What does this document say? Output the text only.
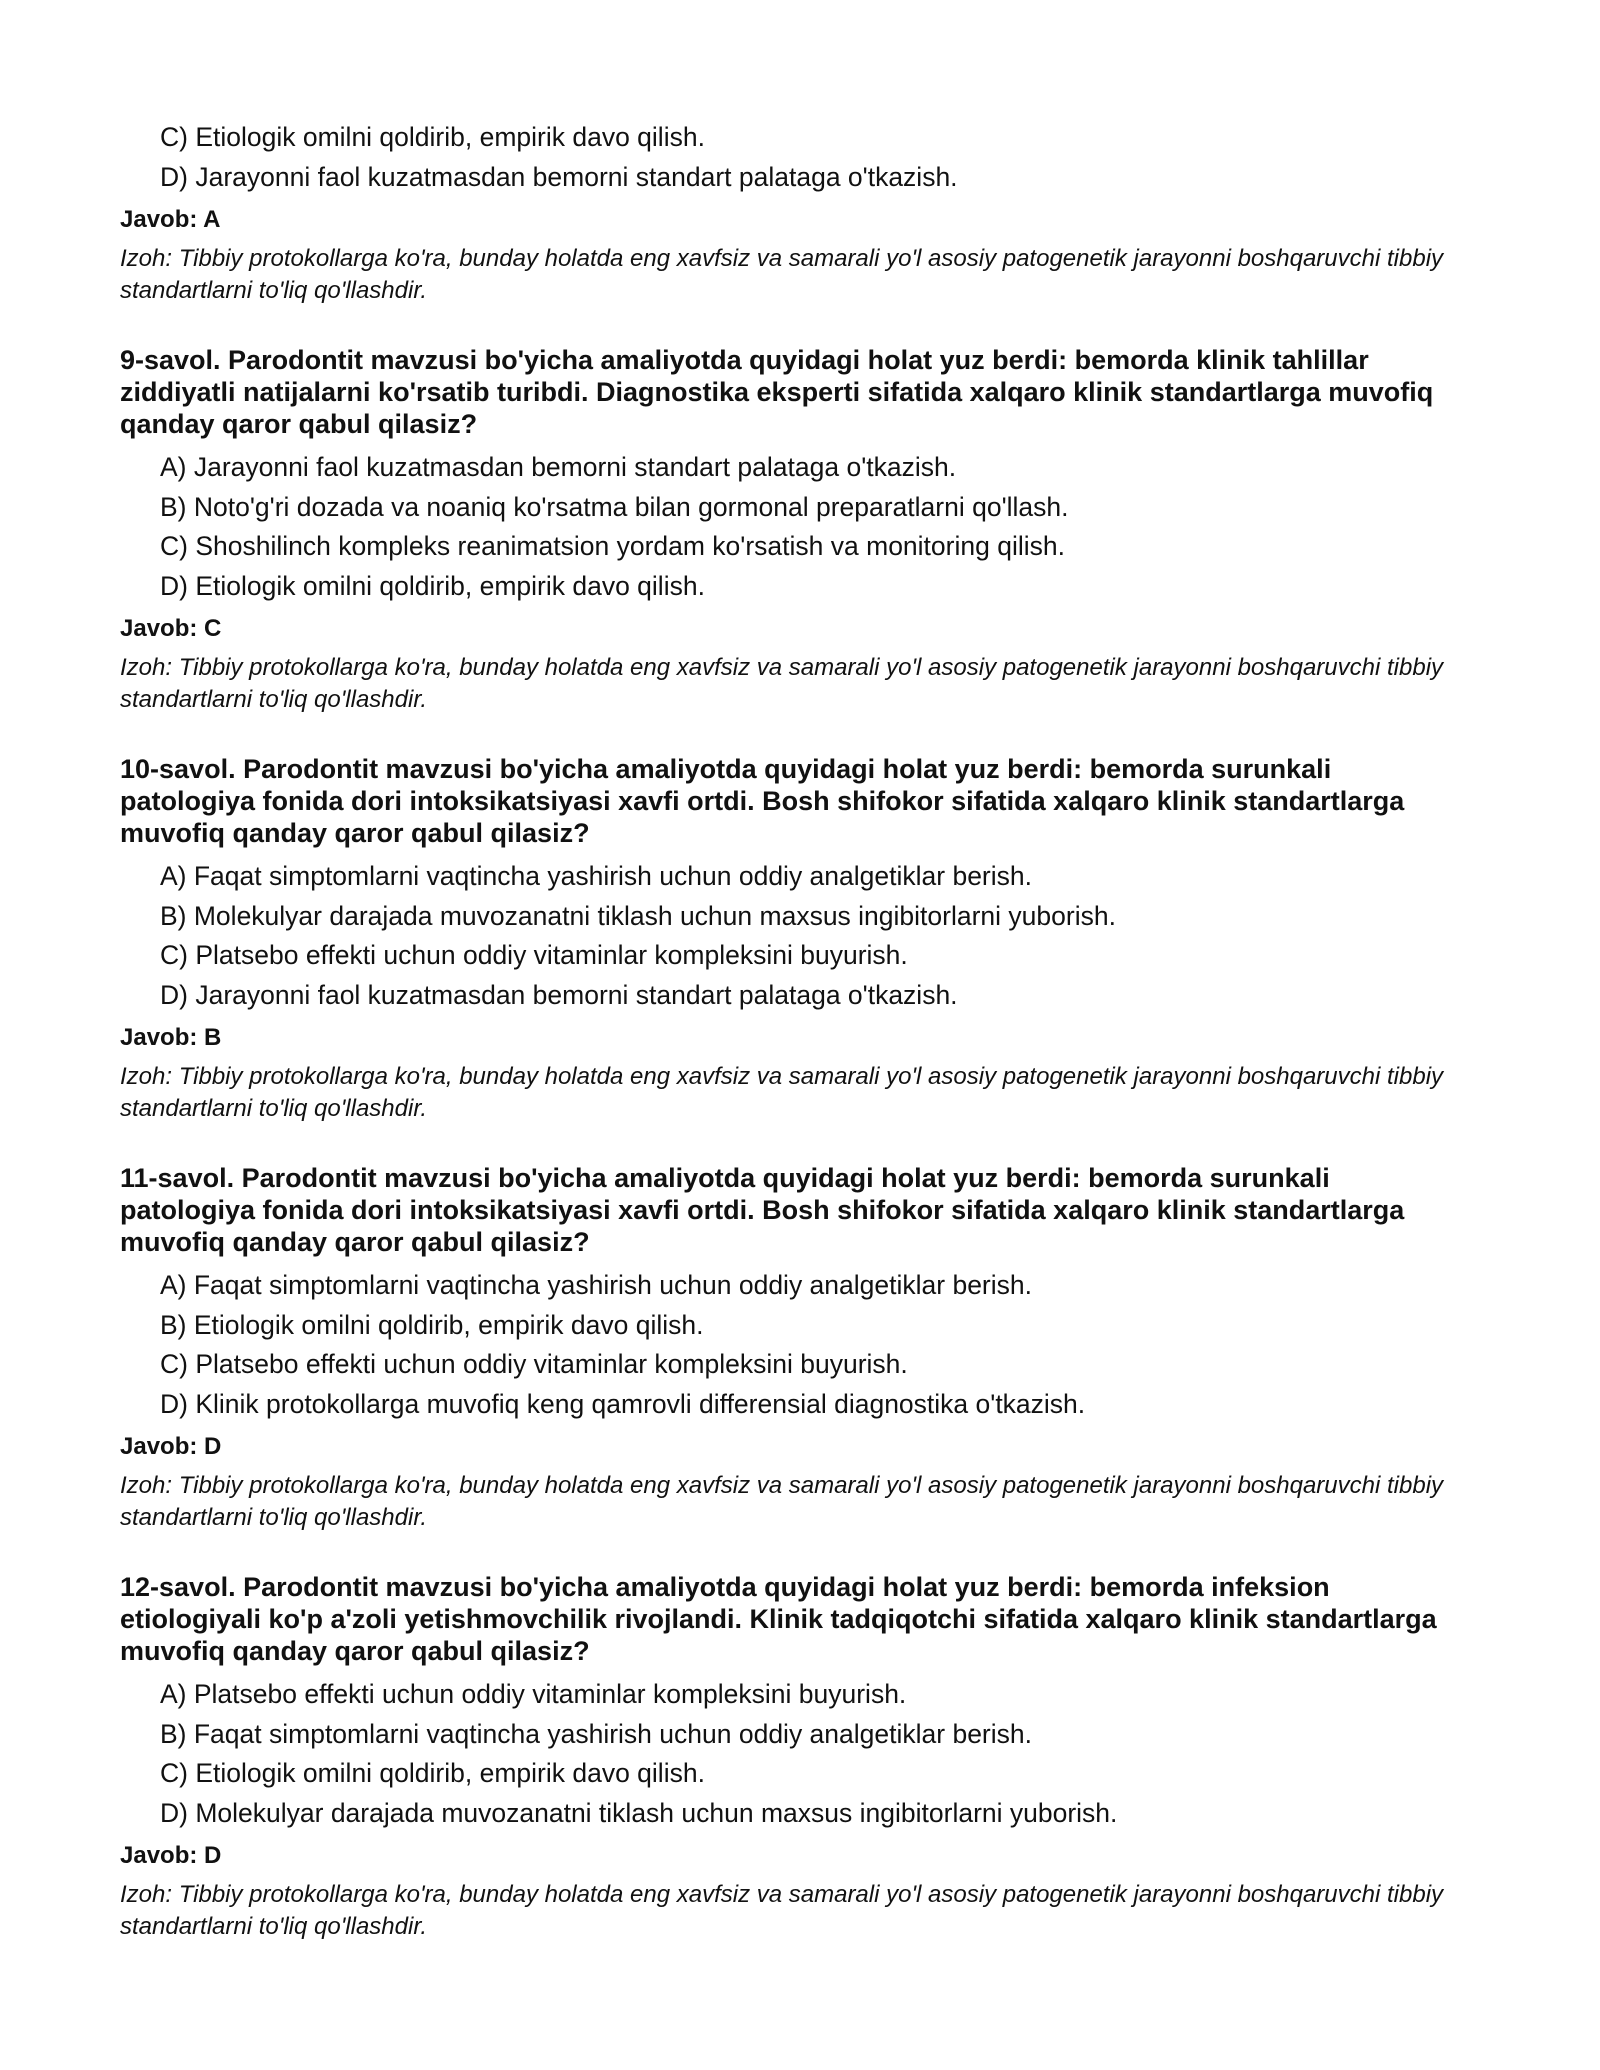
C) Etiologik omilni qoldirib, empirik davo qilish.
D) Jarayonni faol kuzatmasdan bemorni standart palataga o'tkazish.

Javob: A

Izoh: Tibbiy protokollarga ko'ra, bunday holatda eng xavfsiz va samarali yo'l asosiy patogenetik jarayonni boshqaruvchi tibbiy standartlarni to'liq qo'llashdir.

9-savol. Parodontit mavzusi bo'yicha amaliyotda quyidagi holat yuz berdi: bemorda klinik tahlillar ziddiyatli natijalarni ko'rsatib turibdi. Diagnostika eksperti sifatida xalqaro klinik standartlarga muvofiq qanday qaror qabul qilasiz?

A) Jarayonni faol kuzatmasdan bemorni standart palataga o'tkazish.
B) Noto'g'ri dozada va noaniq ko'rsatma bilan gormonal preparatlarni qo'llash.
C) Shoshilinch kompleks reanimatsion yordam ko'rsatish va monitoring qilish.
D) Etiologik omilni qoldirib, empirik davo qilish.

Javob: C

Izoh: Tibbiy protokollarga ko'ra, bunday holatda eng xavfsiz va samarali yo'l asosiy patogenetik jarayonni boshqaruvchi tibbiy standartlarni to'liq qo'llashdir.

10-savol. Parodontit mavzusi bo'yicha amaliyotda quyidagi holat yuz berdi: bemorda surunkali patologiya fonida dori intoksikatsiyasi xavfi ortdi. Bosh shifokor sifatida xalqaro klinik standartlarga muvofiq qanday qaror qabul qilasiz?

A) Faqat simptomlarni vaqtincha yashirish uchun oddiy analgetiklar berish.
B) Molekulyar darajada muvozanatni tiklash uchun maxsus ingibitorlarni yuborish.
C) Platsebo effekti uchun oddiy vitaminlar kompleksini buyurish.
D) Jarayonni faol kuzatmasdan bemorni standart palataga o'tkazish.

Javob: B

Izoh: Tibbiy protokollarga ko'ra, bunday holatda eng xavfsiz va samarali yo'l asosiy patogenetik jarayonni boshqaruvchi tibbiy standartlarni to'liq qo'llashdir.

11-savol. Parodontit mavzusi bo'yicha amaliyotda quyidagi holat yuz berdi: bemorda surunkali patologiya fonida dori intoksikatsiyasi xavfi ortdi. Bosh shifokor sifatida xalqaro klinik standartlarga muvofiq qanday qaror qabul qilasiz?

A) Faqat simptomlarni vaqtincha yashirish uchun oddiy analgetiklar berish.
B) Etiologik omilni qoldirib, empirik davo qilish.
C) Platsebo effekti uchun oddiy vitaminlar kompleksini buyurish.
D) Klinik protokollarga muvofiq keng qamrovli differensial diagnostika o'tkazish.

Javob: D

Izoh: Tibbiy protokollarga ko'ra, bunday holatda eng xavfsiz va samarali yo'l asosiy patogenetik jarayonni boshqaruvchi tibbiy standartlarni to'liq qo'llashdir.

12-savol. Parodontit mavzusi bo'yicha amaliyotda quyidagi holat yuz berdi: bemorda infeksion etiologiyali ko'p a'zoli yetishmovchilik rivojlandi. Klinik tadqiqotchi sifatida xalqaro klinik standartlarga muvofiq qanday qaror qabul qilasiz?

A) Platsebo effekti uchun oddiy vitaminlar kompleksini buyurish.
B) Faqat simptomlarni vaqtincha yashirish uchun oddiy analgetiklar berish.
C) Etiologik omilni qoldirib, empirik davo qilish.
D) Molekulyar darajada muvozanatni tiklash uchun maxsus ingibitorlarni yuborish.

Javob: D

Izoh: Tibbiy protokollarga ko'ra, bunday holatda eng xavfsiz va samarali yo'l asosiy patogenetik jarayonni boshqaruvchi tibbiy standartlarni to'liq qo'llashdir.
